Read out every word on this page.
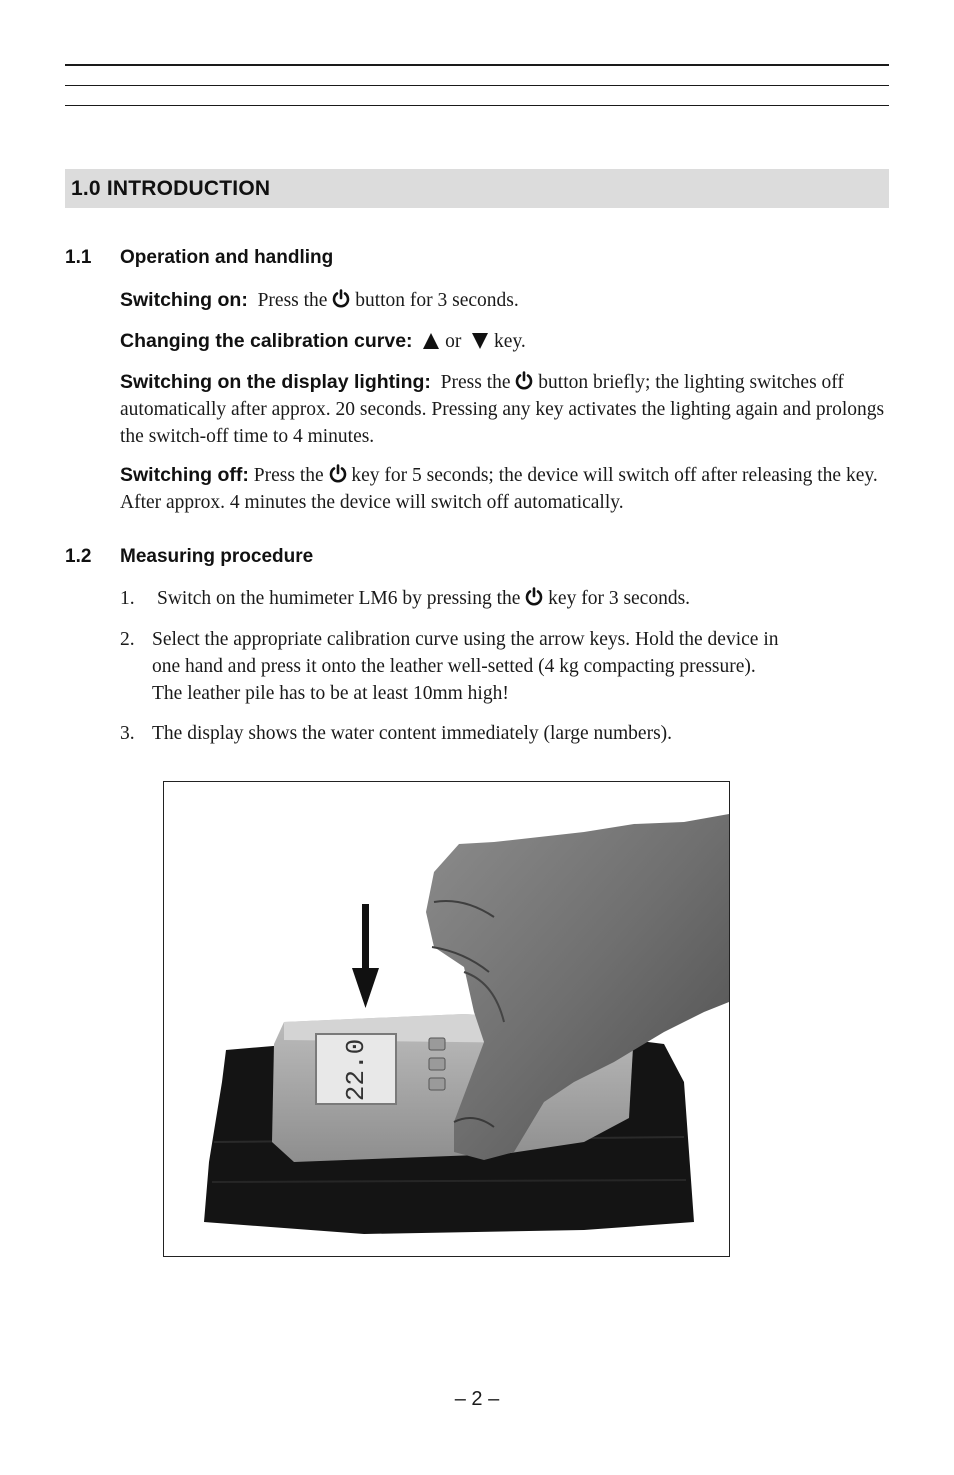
1.0 INTRODUCTION
1.1 Operation and handling
Switching on: Press the button for 3 seconds.
Changing the calibration curve: or key.
Switching on the display lighting: Press the button briefly; the lighting switches off automatically after approx. 20 seconds. Pressing any key activates the lighting again and prolongs the switch-off time to 4 minutes.
Switching off: Press the key for 5 seconds; the device will switch off after releasing the key. After approx. 4 minutes the device will switch off automatically.
1.2 Measuring procedure
1. Switch on the humimeter LM6 by pressing the key for 3 seconds.
2. Select the appropriate calibration curve using the arrow keys. Hold the device in
one hand and press it onto the leather well-setted (4 kg compacting pressure).
The leather pile has to be at least 10mm high!
3. The display shows the water content immediately (large numbers).
22.0
– 2 –
